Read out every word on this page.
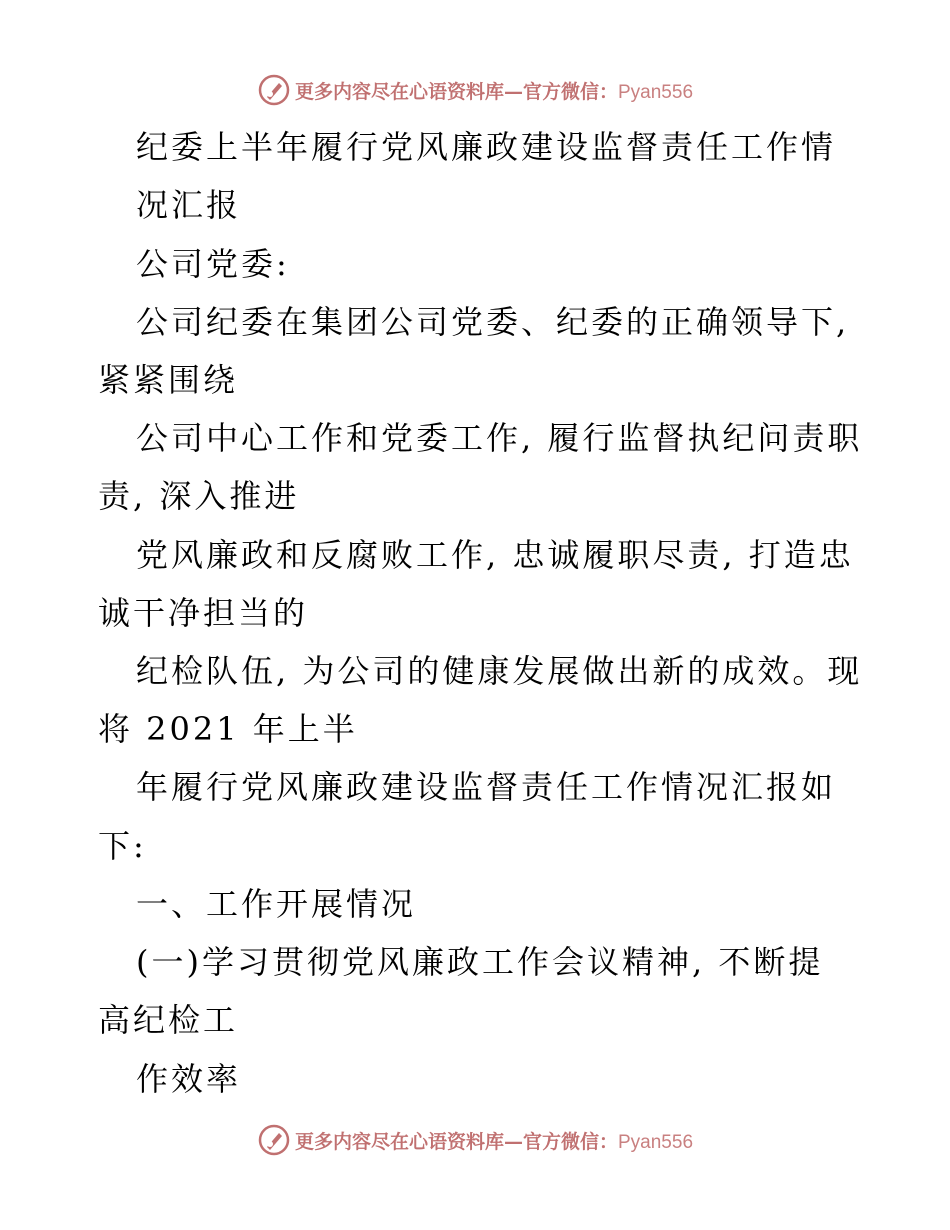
更多内容尽在心语资料库—官方微信：Pyan556
纪委上半年履行党风廉政建设监督责任工作情
况汇报
公司党委:
公司纪委在集团公司党委、纪委的正确领导下,
紧紧围绕
公司中心工作和党委工作, 履行监督执纪问责职
责, 深入推进
党风廉政和反腐败工作, 忠诚履职尽责, 打造忠
诚干净担当的
纪检队伍, 为公司的健康发展做出新的成效。现
将 2021 年上半
年履行党风廉政建设监督责任工作情况汇报如
下:
一、工作开展情况
(一)学习贯彻党风廉政工作会议精神, 不断提
高纪检工
作效率
更多内容尽在心语资料库—官方微信：Pyan556
